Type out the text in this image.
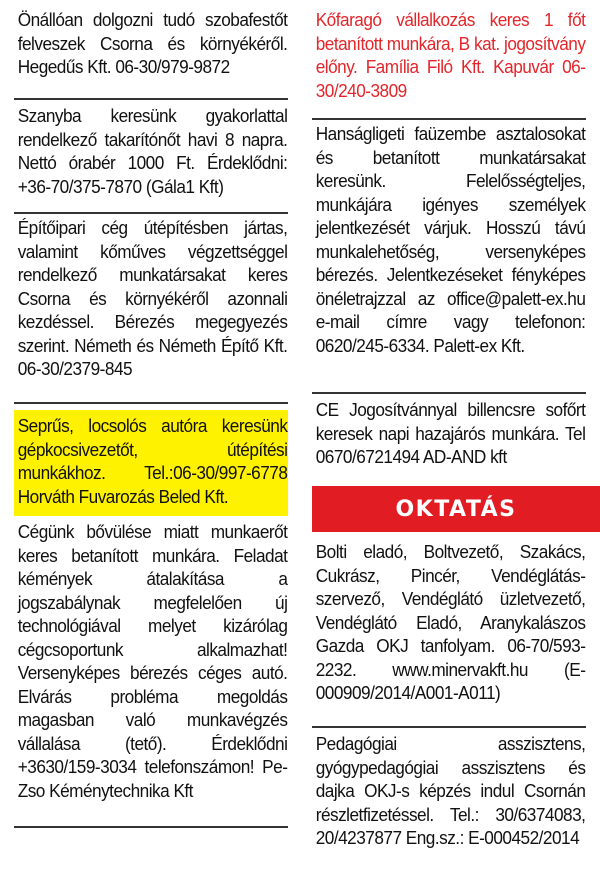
Önállóan dolgozni tudó szobafestőt felveszek Csorna és környékéről. Hegedűs Kft. 06-30/979-9872
Szanyba keresünk gyakorlattal rendelkező takarítónőt havi 8 napra. Nettó órabér 1000 Ft. Érdeklődni: +36-70/375-7870 (Gála1 Kft)
Építőipari cég útépítésben jártas, valamint kőműves végzettséggel rendelkező munkatársakat keres Csorna és környékéről azonnali kezdéssel. Bérezés megegyezés szerint. Németh és Németh Építő Kft. 06-30/2379-845
Seprűs, locsolós autóra keresünk gépkocsivezetőt, útépítési munkákhoz. Tel.:06-30/997-6778 Horváth Fuvarozás Beled Kft.
Cégünk bővülése miatt munkaerőt keres betanított munkára. Feladat kémények átalakítása a jogszabálynak megfelelően új technológiával melyet kizárólag cégcsoportunk alkalmazhat! Versenyképes bérezés céges autó. Elvárás probléma megoldás magasban való munkavégzés vállalása (tető). Érdeklődni +3630/159-3034 telefonszámon! Pe-Zso Kéménytechnika Kft
Kőfaragó vállalkozás keres 1 főt betanított munkára, B kat. jogosítvány előny. Família Filó Kft. Kapuvár 06-30/240-3809
Hanságligeti faüzembe asztalosokat és betanított munkatársakat keresünk. Felelősségteljes, munkájára igényes személyek jelentkezését várjuk. Hosszú távú munkalehetőség, versenyképes bérezés. Jelentkezéseket fényképes önéletrajzzal az office@palett-ex.hu e-mail címre vagy telefonon: 0620/245-6334. Palett-ex Kft.
CE Jogosítvánnyal billencsre sofőrt keresek napi hazajárós munkára. Tel 0670/6721494 AD-AND kft
OKTATÁS
Bolti eladó, Boltvezető, Szakács, Cukrász, Pincér, Vendéglátás-szervező, Vendéglátó üzletvezető, Vendéglátó Eladó, Aranykalászos Gazda OKJ tanfolyam. 06-70/593-2232. www.minervakft.hu (E-000909/2014/A001-A011)
Pedagógiai asszisztens, gyógypedagógiai asszisztens és dajka OKJ-s képzés indul Csornán részletfizetéssel. Tel.: 30/6374083, 20/4237877 Eng.sz.: E-000452/2014
